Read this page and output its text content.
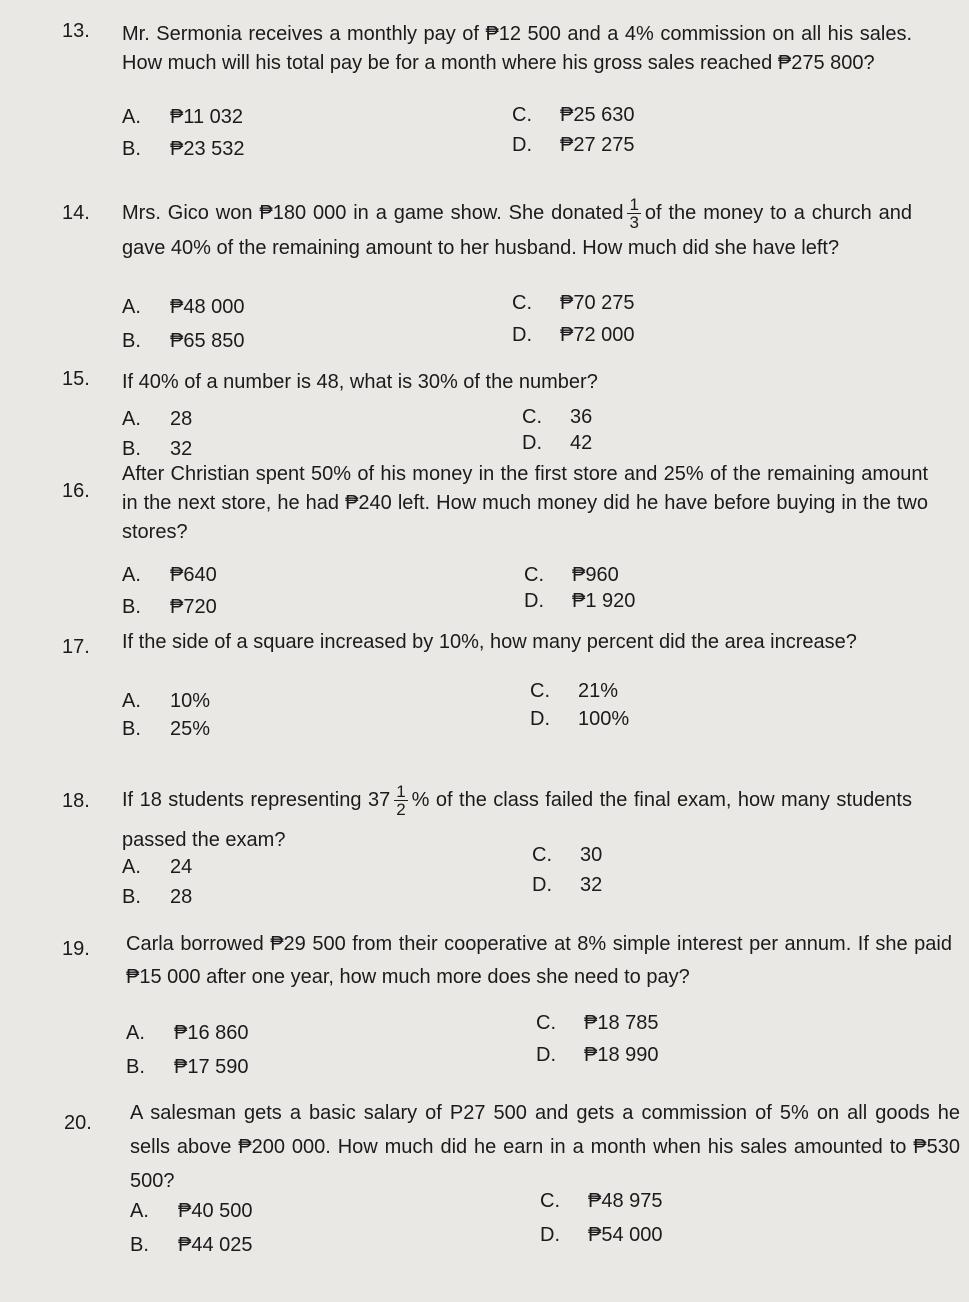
13. Mr. Sermonia receives a monthly pay of ₱12 500 and a 4% commission on all his sales. How much will his total pay be for a month where his gross sales reached ₱275 800?
A. ₱11 032
B. ₱23 532
C. ₱25 630
D. ₱27 275
14. Mrs. Gico won ₱180 000 in a game show. She donated $\frac{1}{3}$ of the money to a church and gave 40% of the remaining amount to her husband. How much did she have left?
A. ₱48 000
B. ₱65 850
C. ₱70 275
D. ₱72 000
15. If 40% of a number is 48, what is 30% of the number?
A. 28
B. 32
C. 36
D. 42
16.
After Christian spent 50% of his money in the first store and 25% of the remaining amount in the next store, he had ₱240 left. How much money did he have before buying in the two stores?
A. ₱640
B. ₱720
C. ₱960
D. ₱1 920
17. If the side of a square increased by 10%, how many percent did the area increase?
A. 10%
B. 25%
C. 21%
D. 100%
18. If 18 students representing $37 \frac{1}{2}$ % of the class failed the final exam, how many students passed the exam?
A. 24
B. 28
C. 30
D. 32
19. Carla borrowed ₱29 500 from their cooperative at 8% simple interest per annum. If she paid ₱15 000 after one year, how much more does she need to pay?
A. ₱16 860
B. ₱17 590
C. ₱18 785
D. ₱18 990
20. A salesman gets a basic salary of P27 500 and gets a commission of 5% on all goods he sells above ₱200 000. How much did he earn in a month when his sales amounted to ₱530 500?
A. ₱40 500
B. ₱44 025
C. ₱48 975
D. ₱54 000
